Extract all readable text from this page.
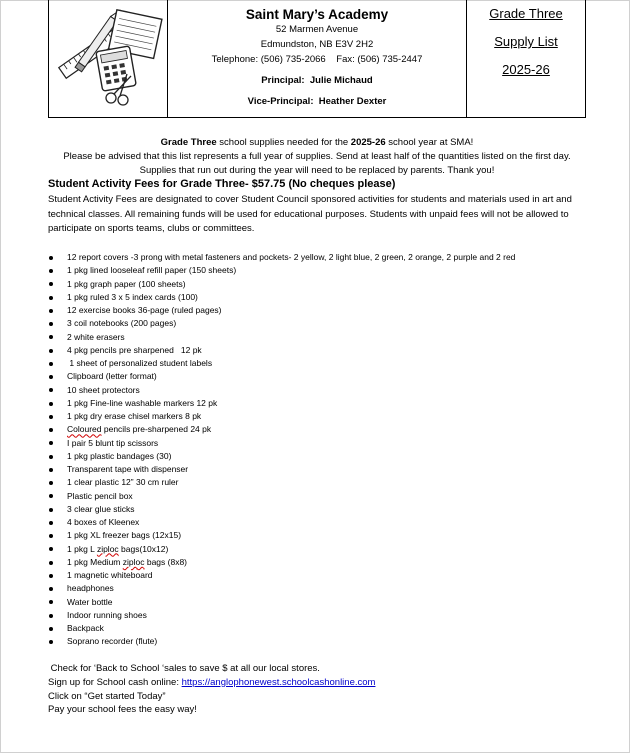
Saint Mary’s Academy
52 Marmen Avenue
Edmundston, NB E3V 2H2
Telephone: (506) 735-2066    Fax: (506) 735-2447
Principal:  Julie Michaud
Vice-Principal:  Heather Dexter
Grade Three
Supply List
2025-26
Grade Three school supplies needed for the 2025-26 school year at SMA!
Please be advised that this list represents a full year of supplies. Send at least half of the quantities listed on the first day. Supplies that run out during the year will need to be replaced by parents. Thank you!
Student Activity Fees for Grade Three- $57.75 (No cheques please)
Student Activity Fees are designated to cover Student Council sponsored activities for students and materials used in art and technical classes. All remaining funds will be used for educational purposes. Students with unpaid fees will not be allowed to participate on sports teams, clubs or committees.
12 report covers -3 prong with metal fasteners and pockets- 2 yellow, 2 light blue, 2 green, 2 orange, 2 purple and 2 red
1 pkg lined looseleaf refill paper (150 sheets)
1 pkg graph paper (100 sheets)
1 pkg ruled 3 x 5 index cards (100)
12 exercise books 36-page (ruled pages)
3 coil notebooks (200 pages)
2 white erasers
4 pkg pencils pre sharpened   12 pk
1 sheet of personalized student labels
Clipboard (letter format)
10 sheet protectors
1 pkg Fine-line washable markers 12 pk
1 pkg dry erase chisel markers 8 pk
Coloured pencils pre-sharpened 24 pk
I pair 5 blunt tip scissors
1 pkg plastic bandages (30)
Transparent tape with dispenser
1 clear plastic 12” 30 cm ruler
Plastic pencil box
3 clear glue sticks
4 boxes of Kleenex
1 pkg XL freezer bags (12x15)
1 pkg L ziploc bags(10x12)
1 pkg Medium ziploc bags (8x8)
1 magnetic whiteboard
headphones
Water bottle
Indoor running shoes
Backpack
Soprano recorder (flute)
Check for ‘Back to School ‘sales to save $ at all our local stores.
Sign up for School cash online: https://anglophonewest.schoolcashonline.com
Click on “Get started Today”
Pay your school fees the easy way!
